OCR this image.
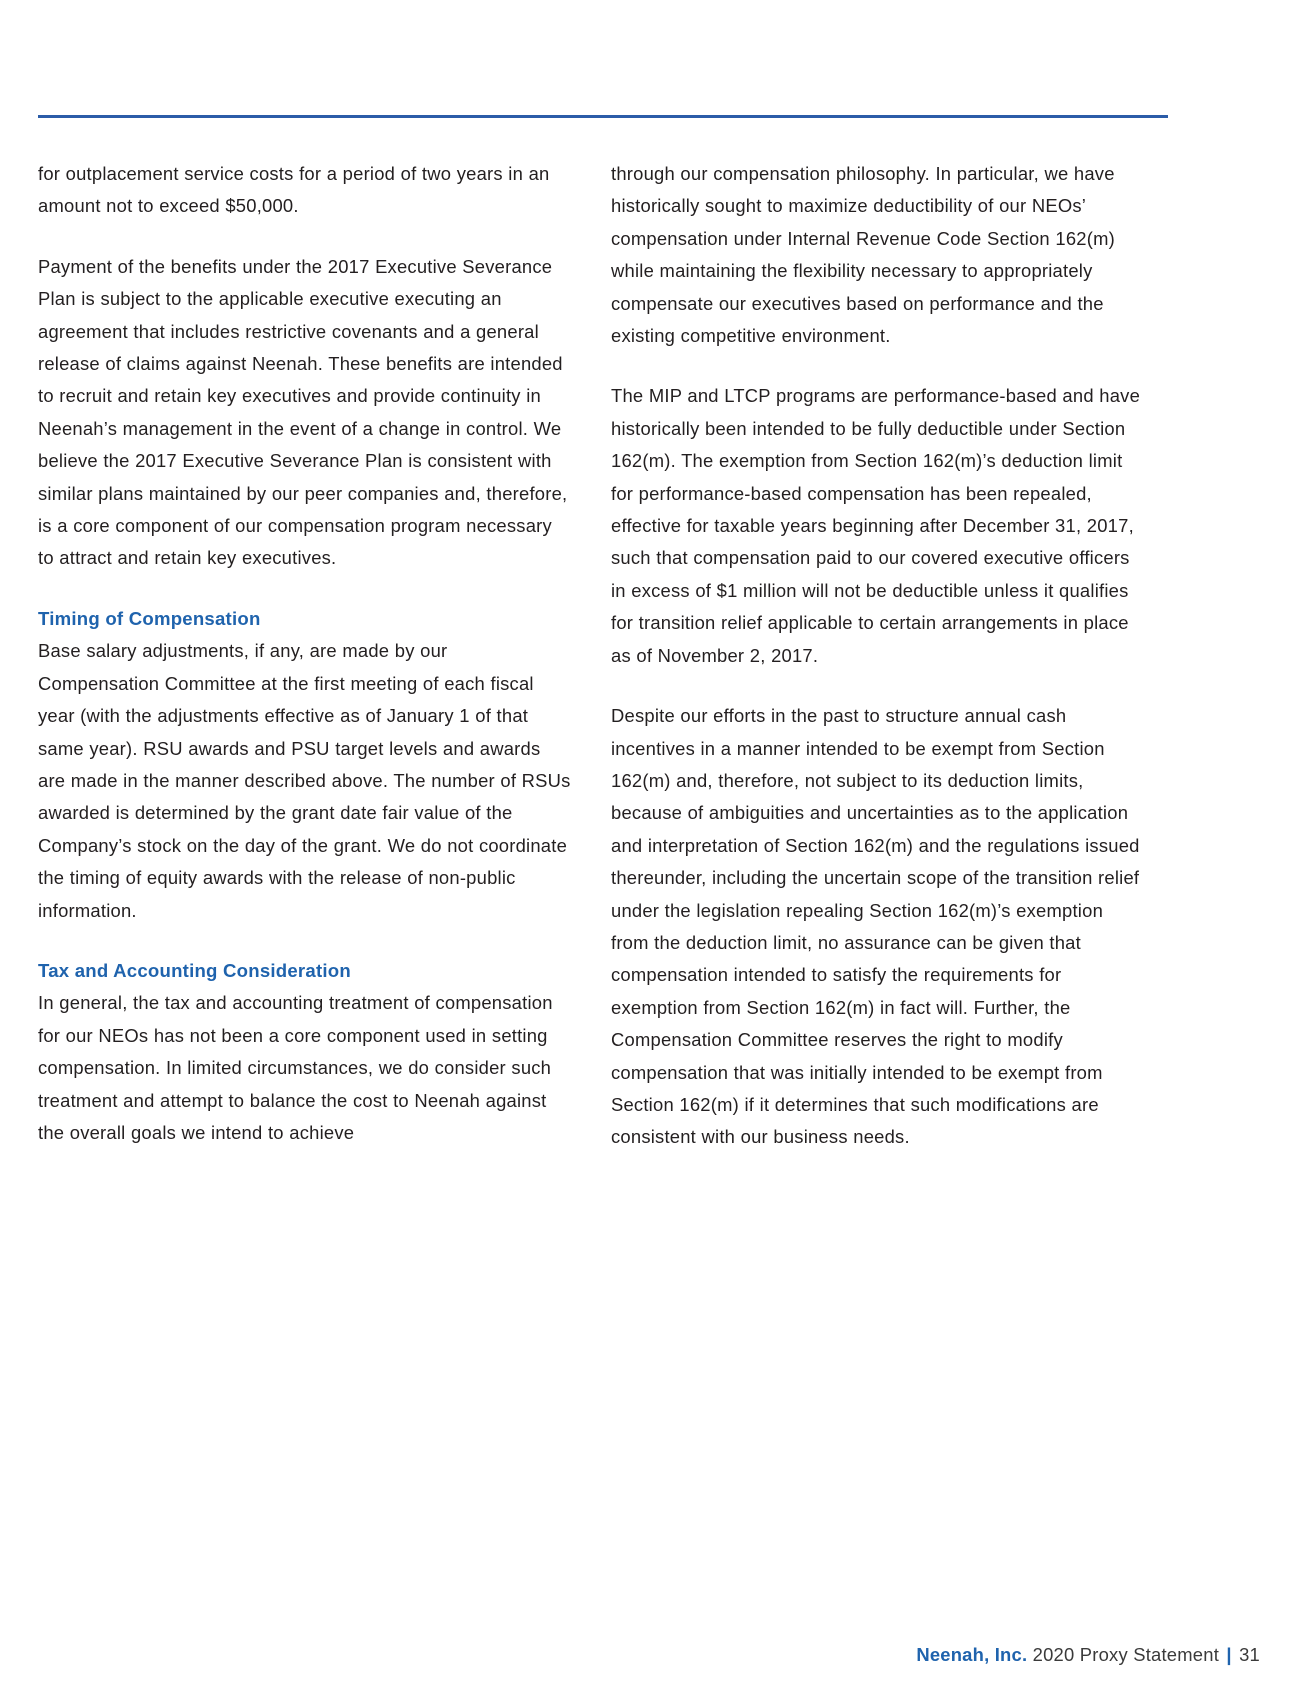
for outplacement service costs for a period of two years in an amount not to exceed $50,000.

Payment of the benefits under the 2017 Executive Severance Plan is subject to the applicable executive executing an agreement that includes restrictive covenants and a general release of claims against Neenah. These benefits are intended to recruit and retain key executives and provide continuity in Neenah’s management in the event of a change in control. We believe the 2017 Executive Severance Plan is consistent with similar plans maintained by our peer companies and, therefore, is a core component of our compensation program necessary to attract and retain key executives.

Timing of Compensation

Base salary adjustments, if any, are made by our Compensation Committee at the first meeting of each fiscal year (with the adjustments effective as of January 1 of that same year). RSU awards and PSU target levels and awards are made in the manner described above. The number of RSUs awarded is determined by the grant date fair value of the Company’s stock on the day of the grant. We do not coordinate the timing of equity awards with the release of non-public information.

Tax and Accounting Consideration

In general, the tax and accounting treatment of compensation for our NEOs has not been a core component used in setting compensation. In limited circumstances, we do consider such treatment and attempt to balance the cost to Neenah against the overall goals we intend to achieve

through our compensation philosophy. In particular, we have historically sought to maximize deductibility of our NEOs’ compensation under Internal Revenue Code Section 162(m) while maintaining the flexibility necessary to appropriately compensate our executives based on performance and the existing competitive environment.

The MIP and LTCP programs are performance-based and have historically been intended to be fully deductible under Section 162(m). The exemption from Section 162(m)’s deduction limit for performance-based compensation has been repealed, effective for taxable years beginning after December 31, 2017, such that compensation paid to our covered executive officers in excess of $1 million will not be deductible unless it qualifies for transition relief applicable to certain arrangements in place as of November 2, 2017.

Despite our efforts in the past to structure annual cash incentives in a manner intended to be exempt from Section 162(m) and, therefore, not subject to its deduction limits, because of ambiguities and uncertainties as to the application and interpretation of Section 162(m) and the regulations issued thereunder, including the uncertain scope of the transition relief under the legislation repealing Section 162(m)’s exemption from the deduction limit, no assurance can be given that compensation intended to satisfy the requirements for exemption from Section 162(m) in fact will. Further, the Compensation Committee reserves the right to modify compensation that was initially intended to be exempt from Section 162(m) if it determines that such modifications are consistent with our business needs.

Neenah, Inc. 2020 Proxy Statement | 31
